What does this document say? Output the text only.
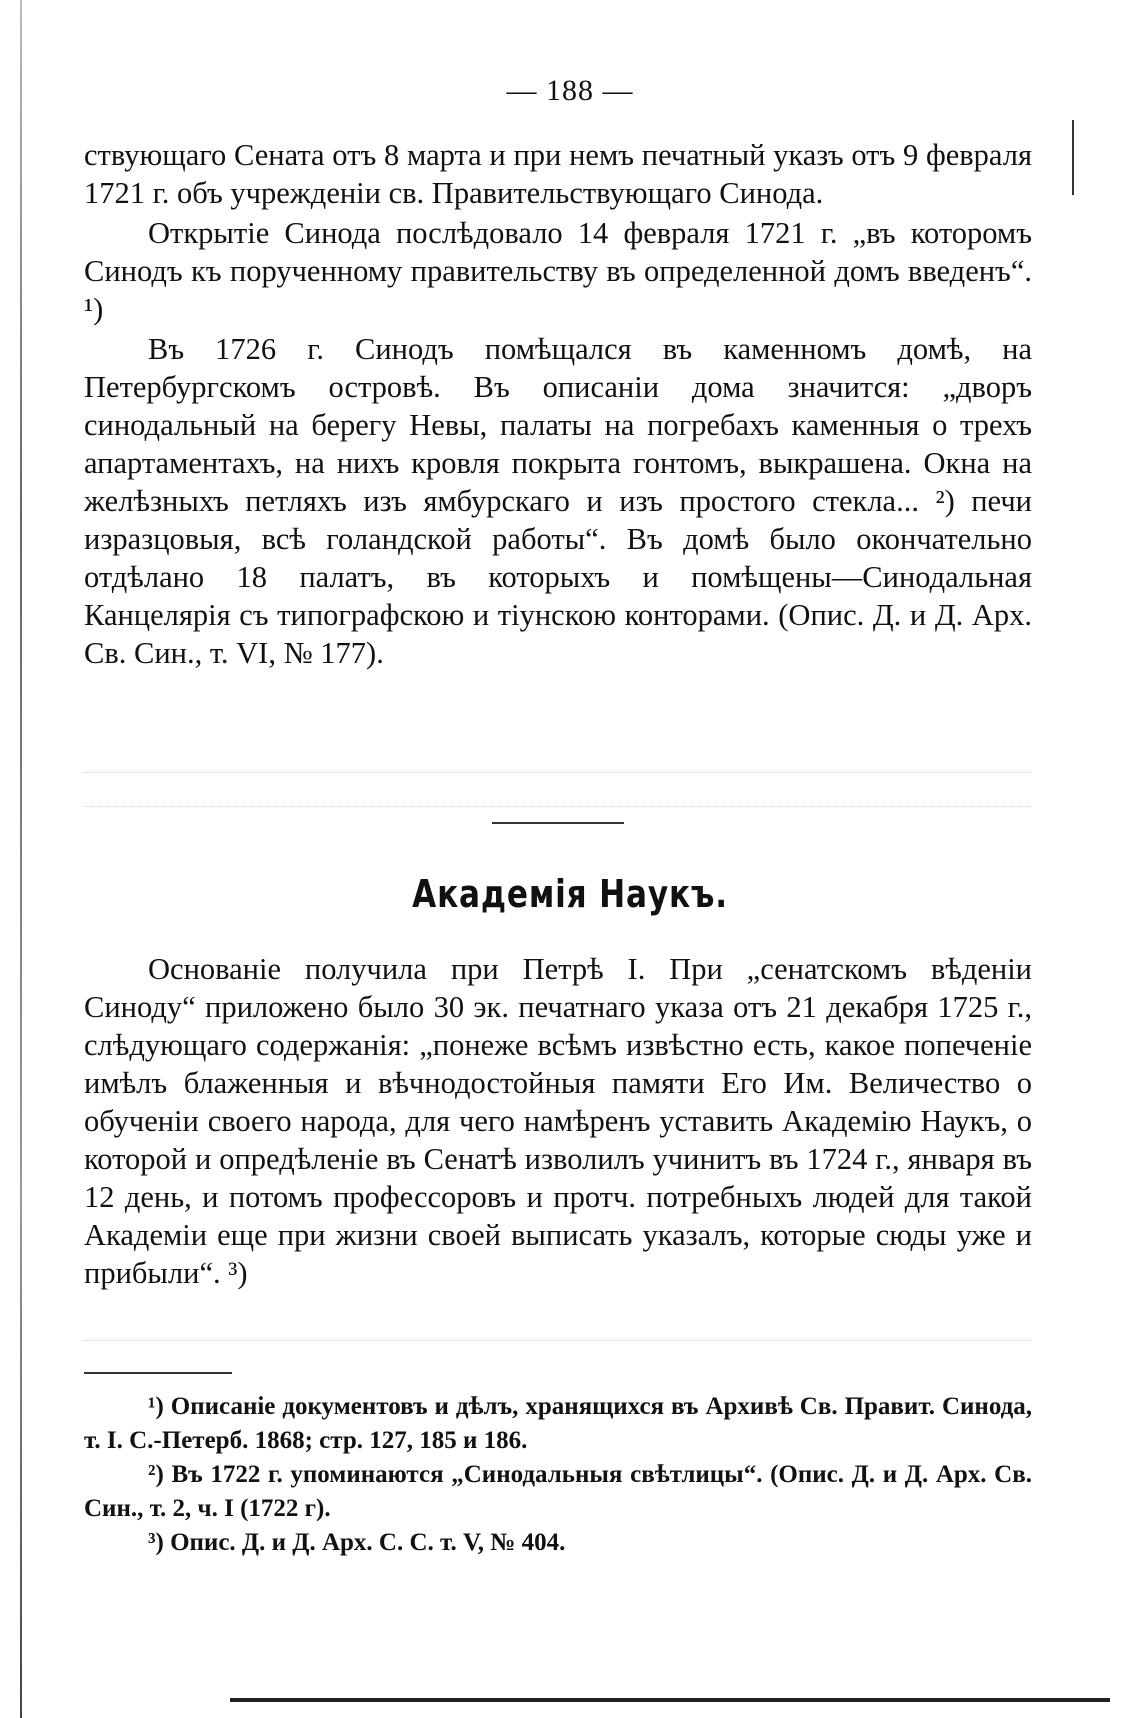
— 188 —

ствующаго Сената отъ 8 марта и при немъ печатный указъ отъ 9 февраля 1721 г. объ учрежденіи св. Правительствующаго Синода.

Открытіе Синода послѣдовало 14 февраля 1721 г. „въ которомъ Синодъ къ порученному правительству въ определенной домъ введенъ“. ¹)

Въ 1726 г. Синодъ помѣщался въ каменномъ домѣ, на Петербургскомъ островѣ. Въ описаніи дома значится: „дворъ синодальный на берегу Невы, палаты на погребахъ каменныя о трехъ апартаментахъ, на нихъ кровля покрыта гонтомъ, выкрашена. Окна на желѣзныхъ петляхъ изъ ямбурскаго и изъ простого стекла... ²) печи изразцовыя, всѣ голандской работы“. Въ домѣ было окончательно отдѣлано 18 палатъ, въ которыхъ и помѣщены—Синодальная Канцелярія съ типографскою и тіунскою конторами. (Опис. Д. и Д. Арх. Св. Син., т. VI, № 177).

Академія Наукъ.

Основаніе получила при Петрѣ I. При „сенатскомъ вѣденіи Синоду“ приложено было 30 эк. печатнаго указа отъ 21 декабря 1725 г., слѣдующаго содержанія: „понеже всѣмъ извѣстно есть, какое попеченіе имѣлъ блаженныя и вѣчнодостойныя памяти Его Им. Величество о обученіи своего народа, для чего намѣренъ уставить Академію Наукъ, о которой и опредѣленіе въ Сенатѣ изволилъ учинитъ въ 1724 г., января въ 12 день, и потомъ профессоровъ и протч. потребныхъ людей для такой Академіи еще при жизни своей выписать указалъ, которые сюды уже и прибыли“. ³)

¹) Описаніе документовъ и дѣлъ, хранящихся въ Архивѣ Св. Правит. Синода, т. I. С.-Петерб. 1868; стр. 127, 185 и 186.

²) Въ 1722 г. упоминаются „Синодальныя свѣтлицы“. (Опис. Д. и Д. Арх. Св. Син., т. 2, ч. I (1722 г).

³) Опис. Д. и Д. Арх. С. С. т. V, № 404.
